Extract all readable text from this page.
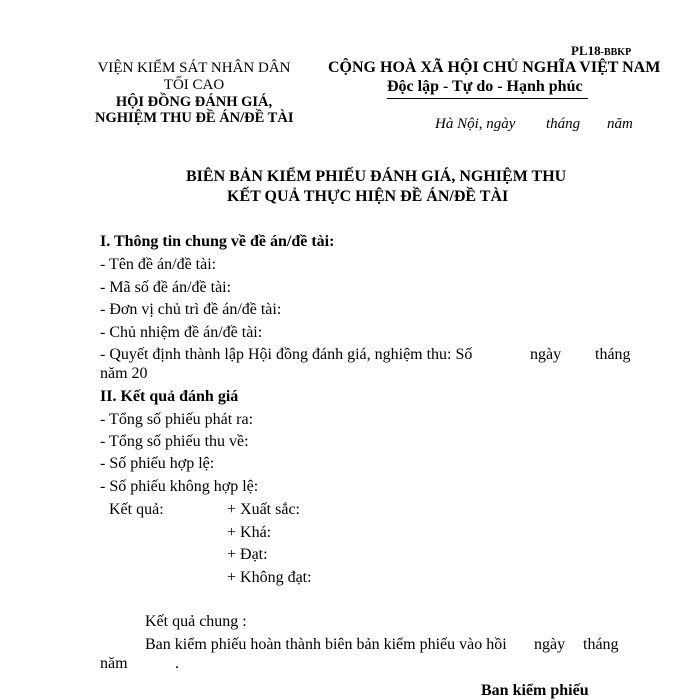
PL18-BBKP
VIỆN KIỂM SÁT NHÂN DÂN
TỐI CAO
HỘI ĐỒNG ĐÁNH GIÁ,
NGHIỆM THU ĐỀ ÁN/ĐỀ TÀI
CỘNG HOÀ XÃ HỘI CHỦ NGHĨA VIỆT NAM
Độc lập - Tự do - Hạnh phúc
Hà Nội, ngày tháng năm
BIÊN BẢN KIỂM PHIẾU ĐÁNH GIÁ, NGHIỆM THU
KẾT QUẢ THỰC HIỆN ĐỀ ÁN/ĐỀ TÀI
I. Thông tin chung về đề án/đề tài:
- Tên đề án/đề tài:
- Mã số đề án/đề tài:
- Đơn vị chủ trì đề án/đề tài:
- Chủ nhiệm đề án/đề tài:
- Quyết định thành lập Hội đồng đánh giá, nghiệm thu: Số	ngày tháng
năm 20
II. Kết quả đánh giá
- Tổng số phiếu phát ra:
- Tổng số phiếu thu về:
- Số phiếu hợp lệ:
- Số phiếu không hợp lệ:
Kết quả:	+ Xuất sắc:
+ Khá:
+ Đạt:
+ Không đạt:
Kết quả chung :
Ban kiểm phiếu hoàn thành biên bản kiểm phiếu vào hồi ngày tháng
năm	.
Ban kiểm phiếu
